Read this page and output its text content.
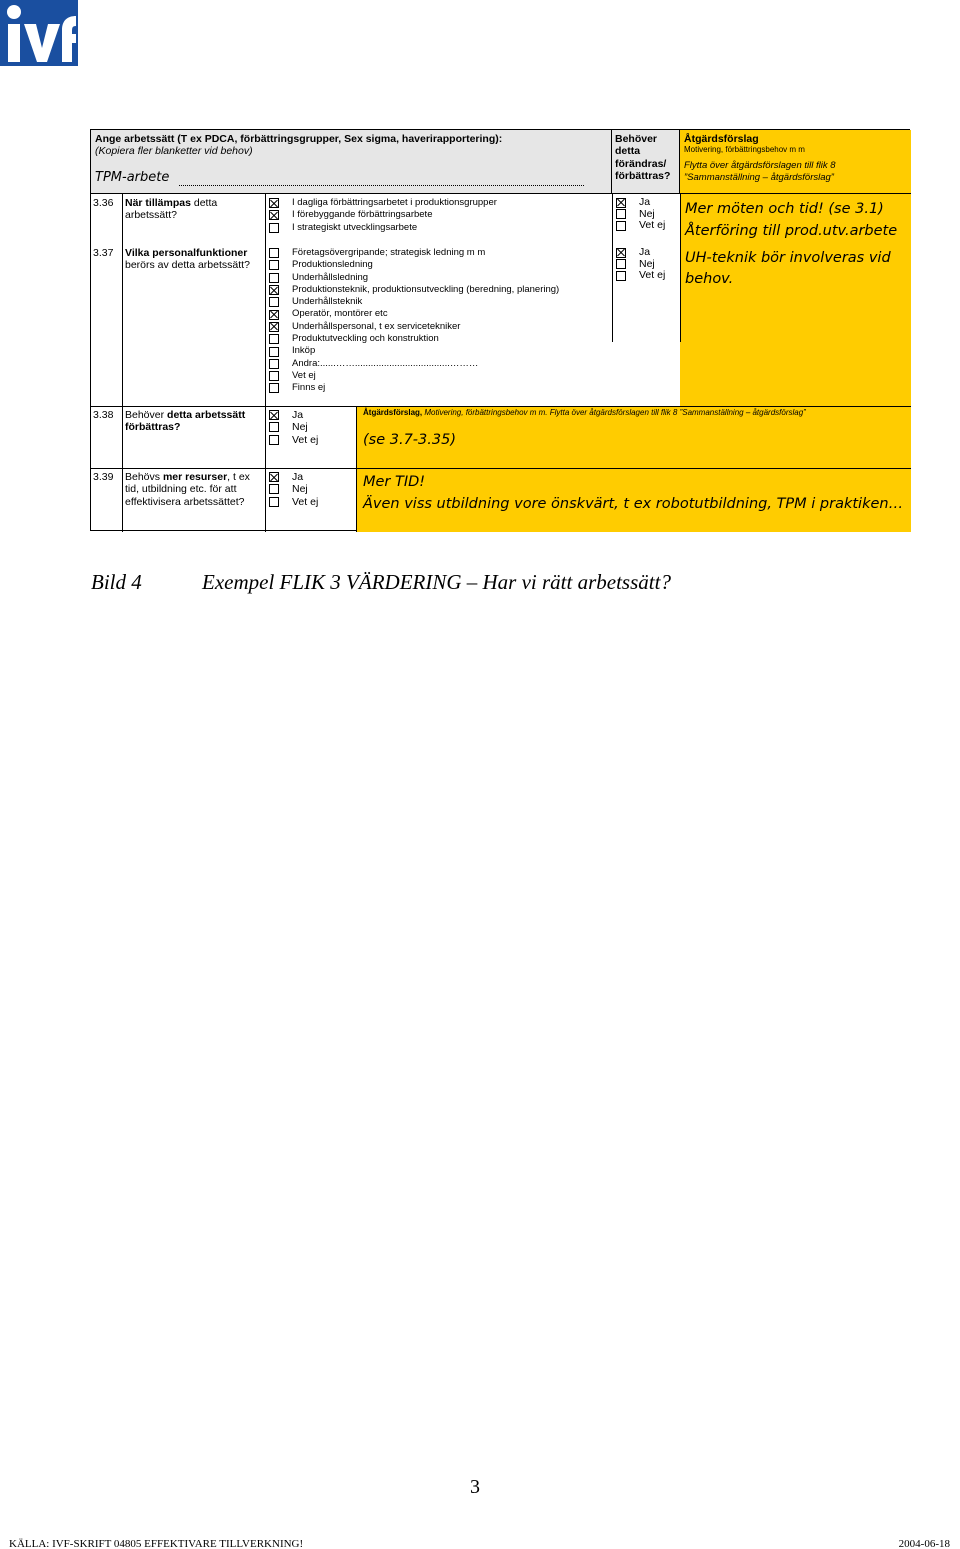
Ange arbetssätt (T ex PDCA, förbättringsgrupper, Sex sigma, haverirapportering):
(Kopiera fler blanketter vid behov)
TPM-arbete
Behöver detta förändras/ förbättras?
Åtgärdsförslag
Motivering, förbättringsbehov m m
Flytta över åtgärdsförslagen till flik 8
”Sammanställning – åtgärdsförslag”
3.36 När tillämpas detta arbetssätt?
I dagliga förbättringsarbetet i produktionsgrupper
I förebyggande förbättringsarbete
I strategiskt utvecklingsarbete
Ja
Nej
Vet ej
Mer möten och tid! (se 3.1)
Återföring till prod.utv.arbete
3.37 Vilka personalfunktioner berörs av detta arbetssätt?
Företagsövergripande; strategisk ledning m m
Produktionsledning
Underhållsledning
Produktionsteknik, produktionsutveckling (beredning, planering)
Underhållsteknik
Operatör, montörer etc
Underhållspersonal, t ex servicetekniker
Produktutveckling och konstruktion
Inköp
Andra:......……....................................………
Vet ej
Finns ej
Ja
Nej
Vet ej
UH-teknik bör involveras vid
behov.
3.38 Behöver detta arbetssätt förbättras?
Ja
Nej
Vet ej
Åtgärdsförslag, Motivering, förbättringsbehov m m. Flytta över åtgärdsförslagen till flik 8 ”Sammanställning – åtgärdsförslag”
(se 3.7-3.35)
3.39 Behövs mer resurser, t ex tid, utbildning etc. för att effektivisera arbetssättet?
Ja
Nej
Vet ej
Mer TID!
Även viss utbildning vore önskvärt, t ex robotutbildning, TPM i praktiken…
Bild 4	Exempel FLIK 3 VÄRDERING – Har vi rätt arbetssätt?
3
KÄLLA: IVF-SKRIFT 04805 EFFEKTIVARE TILLVERKNING!	2004-06-18
